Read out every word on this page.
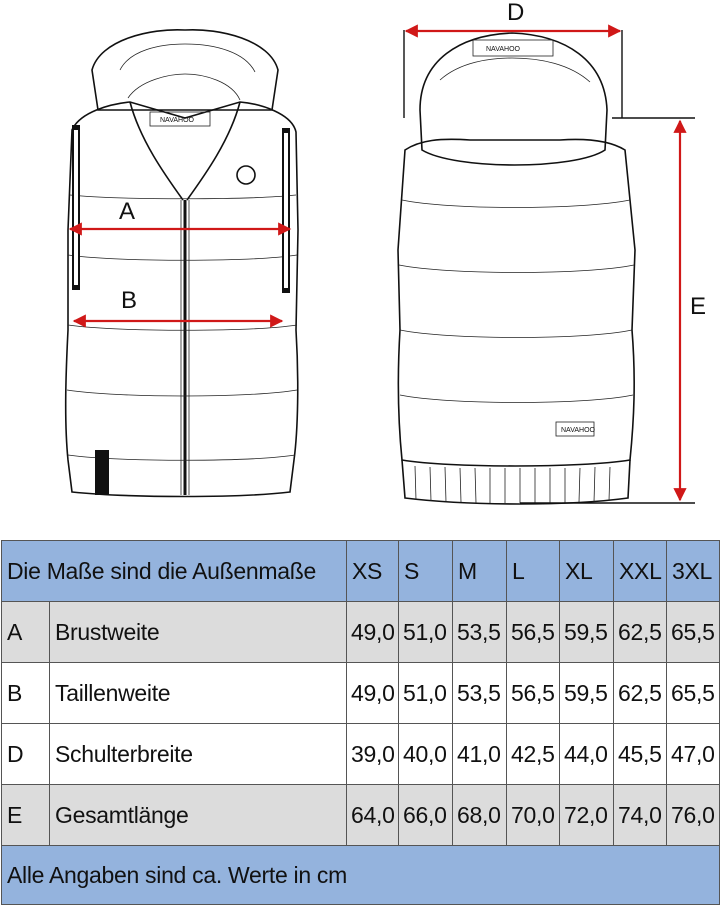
NAVAHOO
NAVAHOO
NAVAHOO
A
B
D
E
Die Maße sind die Außenmaße		XS	S	M	L	XL	XXL	3XL
A	Brustweite	49,0	51,0	53,5	56,5	59,5	62,5	65,5
B	Taillenweite	49,0	51,0	53,5	56,5	59,5	62,5	65,5
D	Schulterbreite	39,0	40,0	41,0	42,5	44,0	45,5	47,0
E	Gesamtlänge	64,0	66,0	68,0	70,0	72,0	74,0	76,0
Alle Angaben sind ca. Werte in cm								
